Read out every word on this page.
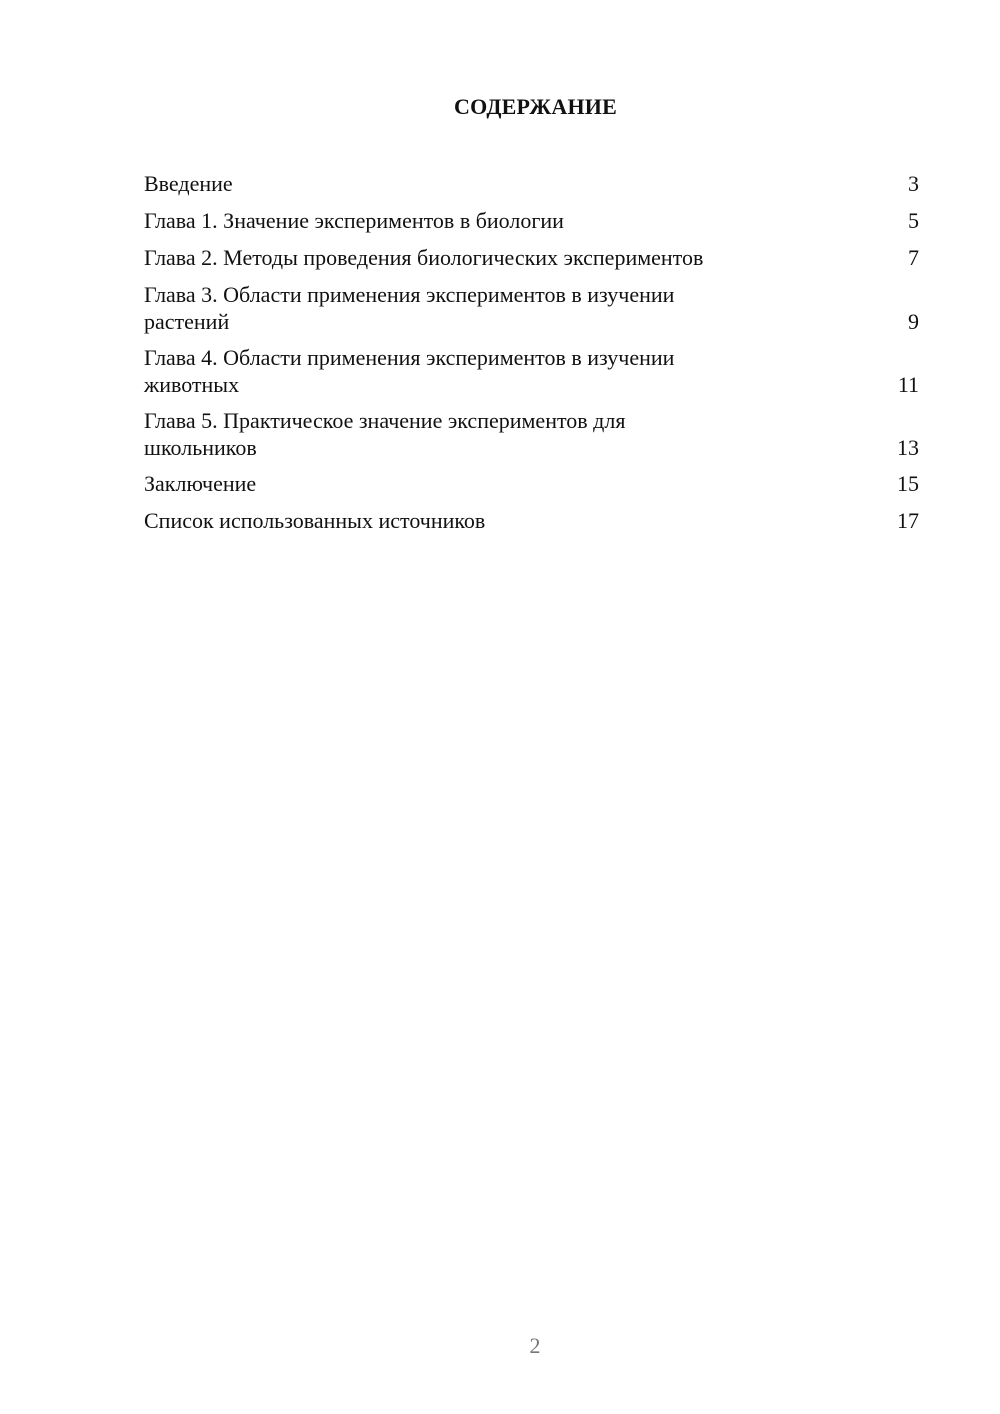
СОДЕРЖАНИЕ
Введение	3
Глава 1. Значение экспериментов в биологии	5
Глава 2. Методы проведения биологических экспериментов	7
Глава 3. Области применения экспериментов в изучении
растений	9
Глава 4. Области применения экспериментов в изучении
животных	11
Глава 5. Практическое значение экспериментов для
школьников	13
Заключение	15
Список использованных источников	17
2
